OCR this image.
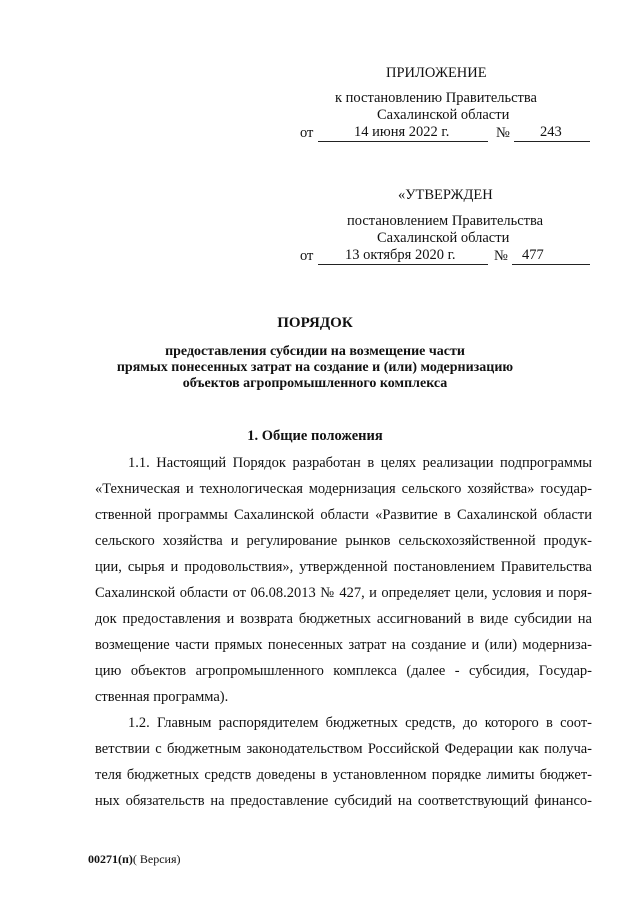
ПРИЛОЖЕНИЕ
к постановлению Правительства
Сахалинской области
от	14 июня 2022 г.	№ 243
«УТВЕРЖДЕН
постановлением Правительства
Сахалинской области
от 13 октября 2020 г.	№ 477
ПОРЯДОК
предоставления субсидии на возмещение части
прямых понесенных затрат на создание и (или) модернизацию
объектов агропромышленного комплекса
1. Общие положения
1.1. Настоящий Порядок разработан в целях реализации подпрограммы
«Техническая и технологическая модернизация сельского хозяйства» государ-
ственной программы Сахалинской области «Развитие в Сахалинской области
сельского хозяйства и регулирование рынков сельскохозяйственной продук-
ции, сырья и продовольствия», утвержденной постановлением Правительства
Сахалинской области от 06.08.2013 № 427, и определяет цели, условия и поря-
док предоставления и возврата бюджетных ассигнований в виде субсидии на
возмещение части прямых понесенных затрат на создание и (или) модерниза-
цию объектов агропромышленного комплекса (далее - субсидия, Государ-
ственная программа).
1.2. Главным распорядителем бюджетных средств, до которого в соот-
ветствии с бюджетным законодательством Российской Федерации как получа-
теля бюджетных средств доведены в установленном порядке лимиты бюджет-
ных обязательств на предоставление субсидий на соответствующий финансо-
00271(п)( Версия)
